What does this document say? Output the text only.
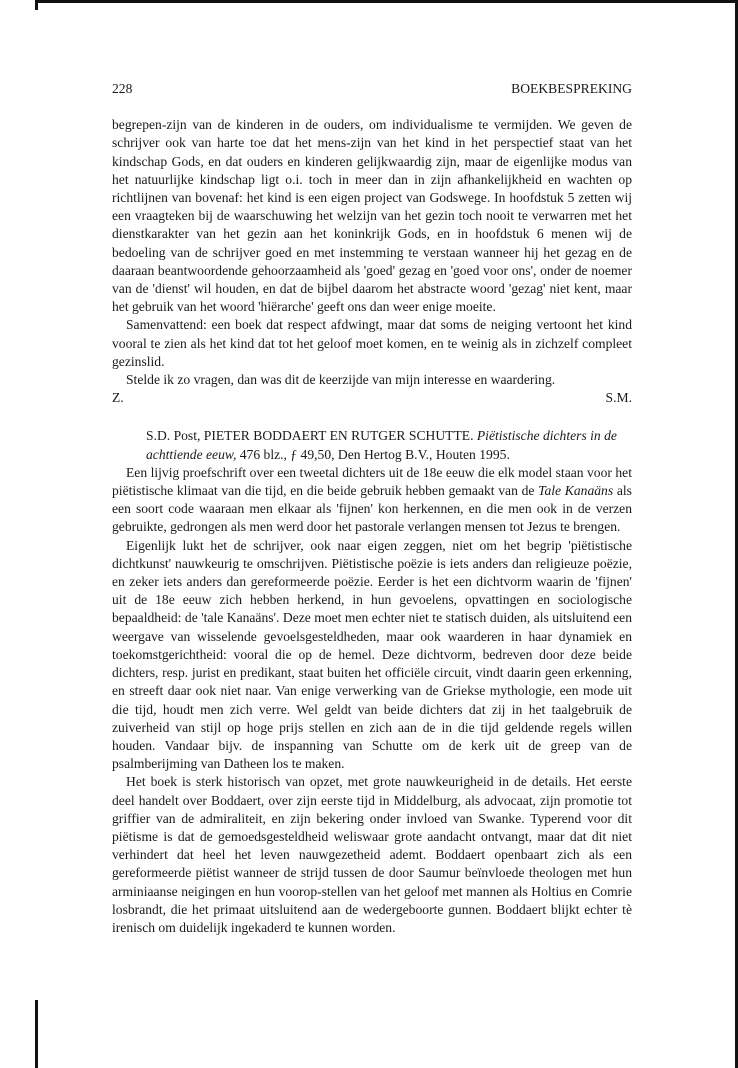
228	BOEKBESPREKING

begrepen-zijn van de kinderen in de ouders, om individualisme te vermijden. We geven de schrijver ook van harte toe dat het mens-zijn van het kind in het perspectief staat van het kindschap Gods, en dat ouders en kinderen gelijkwaardig zijn, maar de eigenlijke modus van het natuurlijke kindschap ligt o.i. toch in meer dan in zijn afhankelijkheid en wachten op richtlijnen van bovenaf: het kind is een eigen project van Godswege. In hoofdstuk 5 zetten wij een vraagteken bij de waarschuwing het welzijn van het gezin toch nooit te verwarren met het dienstkarakter van het gezin aan het koninkrijk Gods, en in hoofdstuk 6 menen wij de bedoeling van de schrijver goed en met instemming te verstaan wanneer hij het gezag en de daaraan beantwoordende gehoorzaamheid als 'goed' gezag en 'goed voor ons', onder de noemer van de 'dienst' wil houden, en dat de bijbel daarom het abstracte woord 'gezag' niet kent, maar het gebruik van het woord 'hiërarche' geeft ons dan weer enige moeite.

Samenvattend: een boek dat respect afdwingt, maar dat soms de neiging vertoont het kind vooral te zien als het kind dat tot het geloof moet komen, en te weinig als in zichzelf compleet gezinslid.

Stelde ik zo vragen, dan was dit de keerzijde van mijn interesse en waardering.

Z.	S.M.

S.D. Post, PIETER BODDAERT EN RUTGER SCHUTTE. Piëtistische dichters in de achttiende eeuw, 476 blz., ƒ 49,50, Den Hertog B.V., Houten 1995.

Een lijvig proefschrift over een tweetal dichters uit de 18e eeuw die elk model staan voor het piëtistische klimaat van die tijd, en die beide gebruik hebben gemaakt van de Tale Kanaäns als een soort code waaraan men elkaar als 'fijnen' kon herkennen, en die men ook in de verzen gebruikte, gedrongen als men werd door het pastorale verlangen mensen tot Jezus te brengen.

Eigenlijk lukt het de schrijver, ook naar eigen zeggen, niet om het begrip 'piëtistische dichtkunst' nauwkeurig te omschrijven. Piëtistische poëzie is iets anders dan religieuze poëzie, en zeker iets anders dan gereformeerde poëzie. Eerder is het een dichtvorm waarin de 'fijnen' uit de 18e eeuw zich hebben herkend, in hun gevoelens, opvattingen en sociologische bepaaldheid: de 'tale Kanaäns'. Deze moet men echter niet te statisch duiden, als uitsluitend een weergave van wisselende gevoelsgesteldheden, maar ook waarderen in haar dynamiek en toekomstgerichtheid: vooral die op de hemel. Deze dichtvorm, bedreven door deze beide dichters, resp. jurist en predikant, staat buiten het officiële circuit, vindt daarin geen erkenning, en streeft daar ook niet naar. Van enige verwerking van de Griekse mythologie, een mode uit die tijd, houdt men zich verre. Wel geldt van beide dichters dat zij in het taalgebruik de zuiverheid van stijl op hoge prijs stellen en zich aan de in die tijd geldende regels willen houden. Vandaar bijv. de inspanning van Schutte om de kerk uit de greep van de psalmberijming van Datheen los te maken.

Het boek is sterk historisch van opzet, met grote nauwkeurigheid in de details. Het eerste deel handelt over Boddaert, over zijn eerste tijd in Middelburg, als advocaat, zijn promotie tot griffier van de admiraliteit, en zijn bekering onder invloed van Swanke. Typerend voor dit piëtisme is dat de gemoedsgesteldheid weliswaar grote aandacht ontvangt, maar dat dit niet verhindert dat heel het leven nauwgezetheid ademt. Boddaert openbaart zich als een gereformeerde piëtist wanneer de strijd tussen de door Saumur beïnvloede theologen met hun arminiaanse neigingen en hun voorop-stellen van het geloof met mannen als Holtius en Comrie losbrandt, die het primaat uitsluitend aan de wedergeboorte gunnen. Boddaert blijkt echter tè irenisch om duidelijk ingekaderd te kunnen worden.
